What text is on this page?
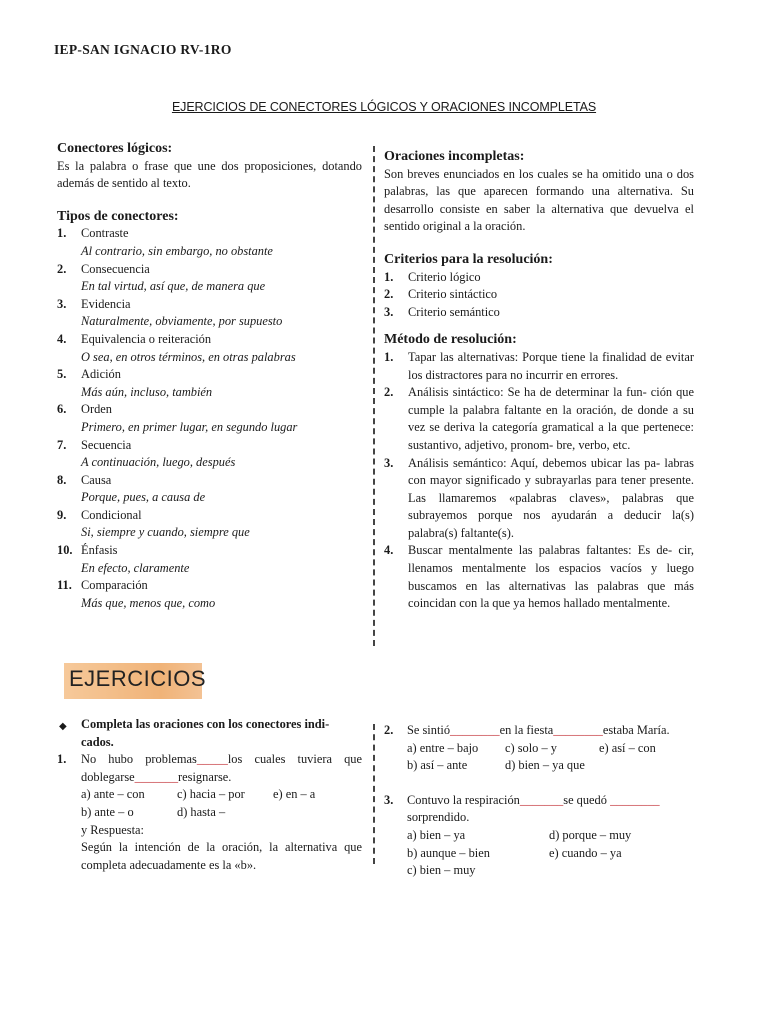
IEP-SAN IGNACIO RV-1RO
EJERCICIOS DE CONECTORES LÓGICOS Y ORACIONES INCOMPLETAS
Conectores lógicos:

Es la palabra o frase que une dos proposiciones, dotando además de sentido al texto.

Tipos de conectores:
1. Contraste
Al contrario, sin embargo, no obstante
2. Consecuencia
En tal virtud, así que, de manera que
3. Evidencia
Naturalmente, obviamente, por supuesto
4. Equivalencia o reiteración
O sea, en otros términos, en otras palabras
5. Adición
Más aún, incluso, también
6. Orden
Primero, en primer lugar, en segundo lugar
7. Secuencia
A continuación, luego, después
8. Causa
Porque, pues, a causa de
9. Condicional
Si, siempre y cuando, siempre que
10. Énfasis
En efecto, claramente
11. Comparación
Más que, menos que, como
Oraciones incompletas:

Son breves enunciados en los cuales se ha omitido una o dos palabras, las que aparecen formando una alternativa. Su desarrollo consiste en saber la alternativa que devuelva el sentido original a la oración.

Criterios para la resolución:
1. Criterio lógico
2. Criterio sintáctico
3. Criterio semántico
Método de resolución:
1. Tapar las alternativas: Porque tiene la finalidad de evitar los distractores para no incurrir en errores.
2. Análisis sintáctico: Se ha de determinar la fun- ción que cumple la palabra faltante en la oración, de donde a su vez se deriva la categoría gramatical a la que pertenece: sustantivo, adjetivo, pronom- bre, verbo, etc.
3. Análisis semántico: Aquí, debemos ubicar las pa- labras con mayor significado y subrayarlas para tener presente. Las llamaremos «palabras claves», palabras que subrayemos porque nos ayudarán a deducir la(s) palabra(s) faltante(s).
4. Buscar mentalmente las palabras faltantes: Es de- cir, llenamos mentalmente los espacios vacíos y luego buscamos en las alternativas las palabras que más coincidan con la que ya hemos hallado mentalmente.
EJERCICIOS
◆ Completa las oraciones con los conectores indi- cados.
1. No hubo problemas_____los cuales tuviera que doblegarse_______resignarse.
a) ante – con	c) hacia – por	e) en – a
b) ante – o	d) hasta –
y Respuesta:
Según la intención de la oración, la alternativa que completa adecuadamente es la «b».
2. Se sintió________en la fiesta________estaba María.
a) entre – bajo	c) solo – y	e) así – con
b) así – ante	d) bien – ya que
3. Contuvo la respiración_______se quedó ________
sorprendido.
a) bien – ya	d) porque – muy
b) aunque – bien	e) cuando – ya
c) bien – muy
